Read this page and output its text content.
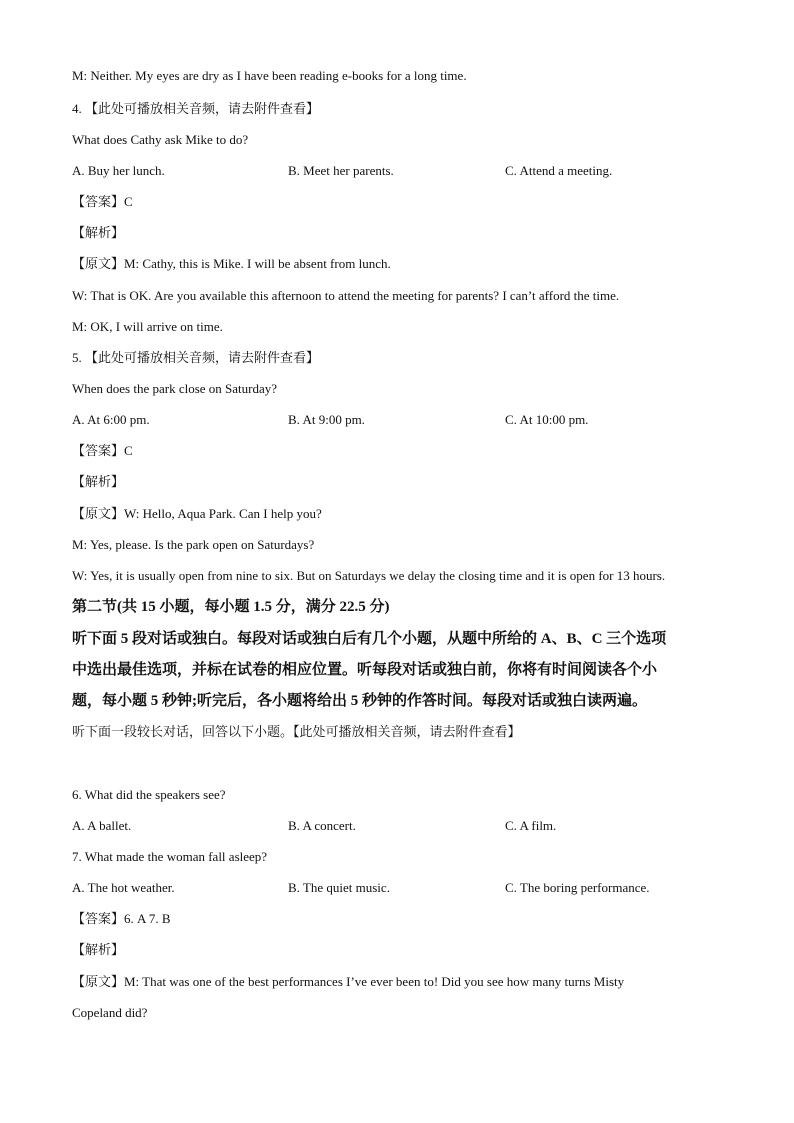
M: Neither. My eyes are dry as I have been reading e-books for a long time.
4. 【此处可播放相关音频，请去附件查看】
What does Cathy ask Mike to do?
A. Buy her lunch.	B. Meet her parents.	C. Attend a meeting.
【答案】C
【解析】
【原文】M: Cathy, this is Mike. I will be absent from lunch.
W: That is OK. Are you available this afternoon to attend the meeting for parents? I can’t afford the time.
M: OK, I will arrive on time.
5. 【此处可播放相关音频，请去附件查看】
When does the park close on Saturday?
A. At 6:00 pm.	B. At 9:00 pm.	C. At 10:00 pm.
【答案】C
【解析】
【原文】W: Hello, Aqua Park. Can I help you?
M: Yes, please. Is the park open on Saturdays?
W: Yes, it is usually open from nine to six. But on Saturdays we delay the closing time and it is open for 13 hours.
第二节(共 15 小题，每小题 1.5 分，满分 22.5 分)
听下面 5 段对话或独白。每段对话或独白后有几个小题，从题中所给的 A、B、C 三个选项
中选出最佳选项，并标在试卷的相应位置。听每段对话或独白前，你将有时间阅读各个小
题，每小题 5 秒钟;听完后，各小题将给出 5 秒钟的作答时间。每段对话或独白读两遍。
听下面一段较长对话，回答以下小题。【此处可播放相关音频，请去附件查看】
6. What did the speakers see?
A. A ballet.	B. A concert.	C. A film.
7. What made the woman fall asleep?
A. The hot weather.	B. The quiet music.	C. The boring performance.
【答案】6. A 7. B
【解析】
【原文】M: That was one of the best performances I’ve ever been to! Did you see how many turns Misty
Copeland did?
